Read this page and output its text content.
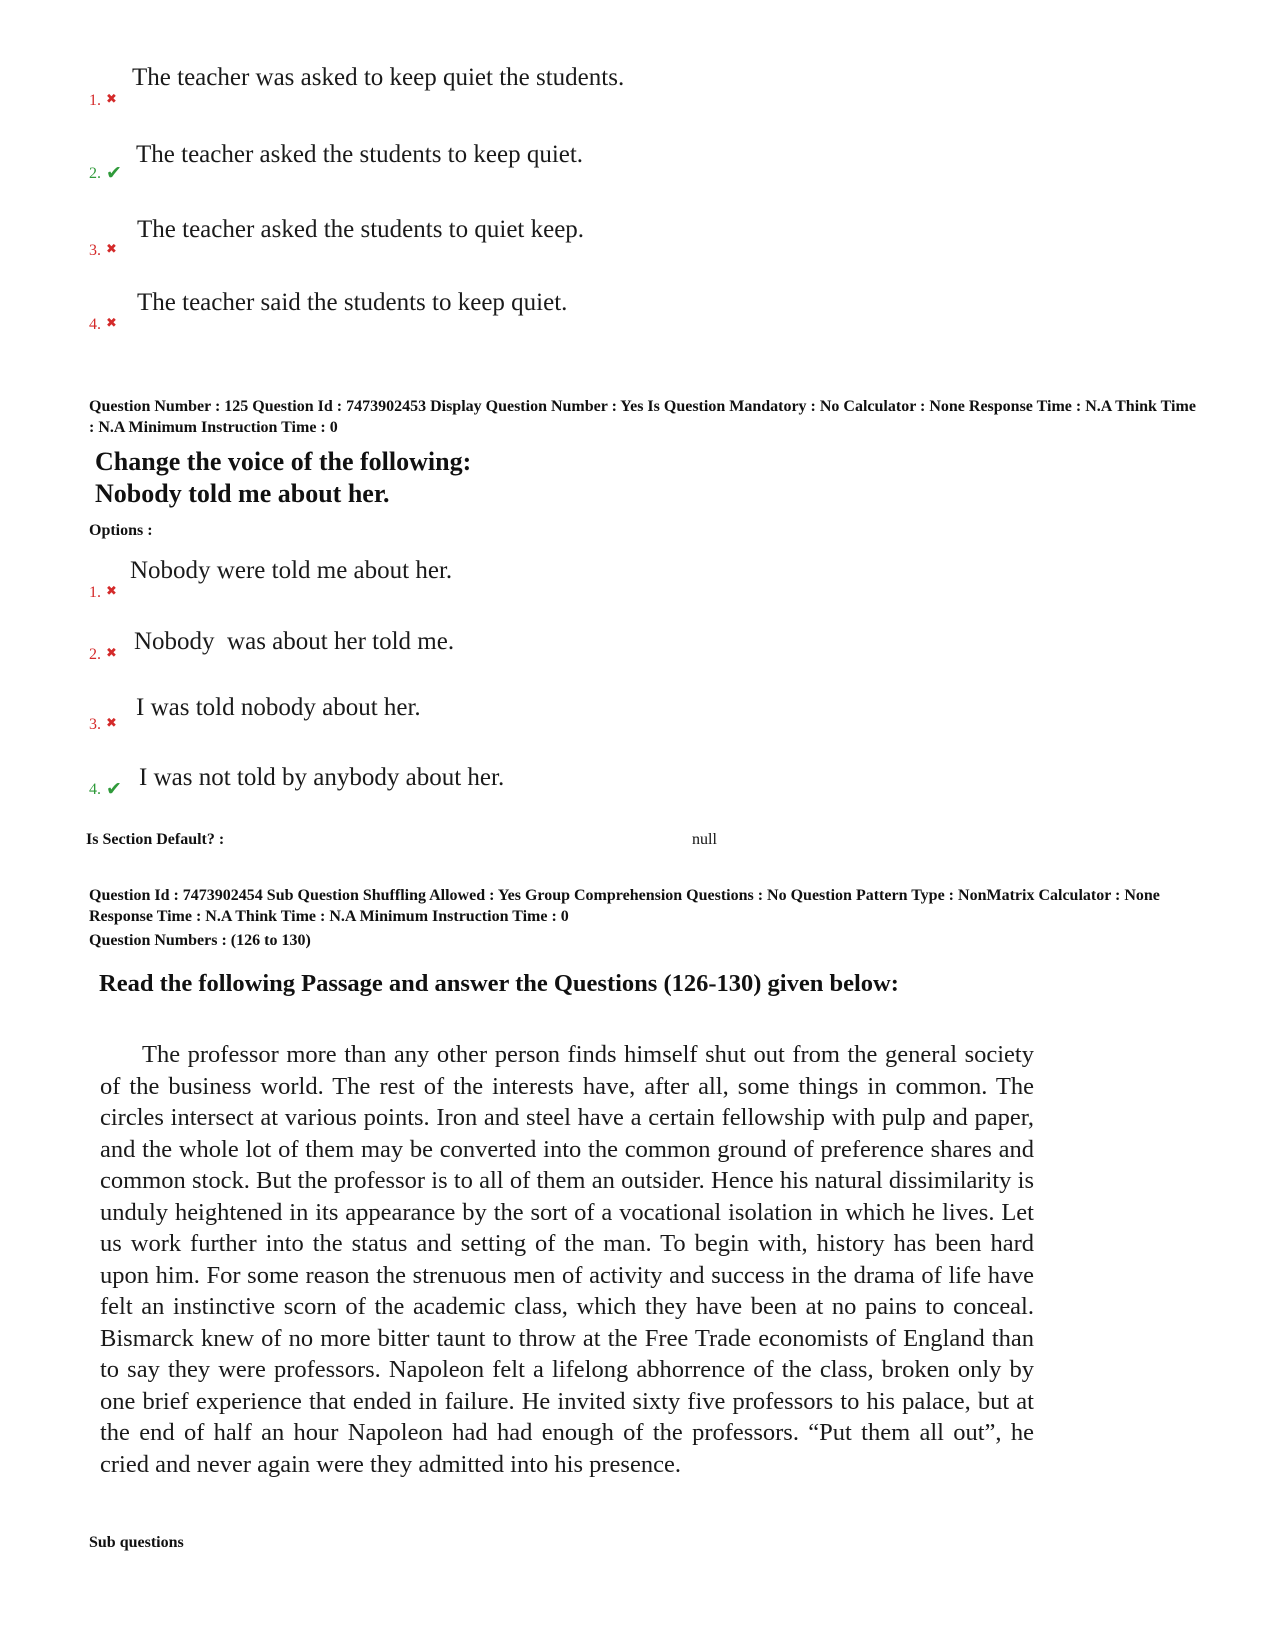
1. ✖
The teacher was asked to keep quiet the students.
2. ✔
The teacher asked the students to keep quiet.
3. ✖
The teacher asked the students to quiet keep.
4. ✖
The teacher said the students to keep quiet.
Question Number : 125 Question Id : 7473902453 Display Question Number : Yes Is Question Mandatory : No Calculator : None Response Time : N.A Think Time : N.A Minimum Instruction Time : 0
Change the voice of the following:
Nobody told me about her.
Options :
1. ✖
Nobody were told me about her.
2. ✖ Nobody  was about her told me.
3. ✖
I was told nobody about her.
4. ✔ I was not told by anybody about her.
Is Section Default? :	null
Question Id : 7473902454 Sub Question Shuffling Allowed : Yes Group Comprehension Questions : No Question Pattern Type : NonMatrix Calculator : None Response Time : N.A Think Time : N.A Minimum Instruction Time : 0
Question Numbers : (126 to 130)
Read the following Passage and answer the Questions (126-130) given below:

The professor more than any other person finds himself shut out from the general society of the business world. The rest of the interests have, after all, some things in common. The circles intersect at various points. Iron and steel have a certain fellowship with pulp and paper, and the whole lot of them may be converted into the common ground of preference shares and common stock. But the professor is to all of them an outsider. Hence his natural dissimilarity is unduly heightened in its appearance by the sort of a vocational isolation in which he lives. Let us work further into the status and setting of the man. To begin with, history has been hard upon him. For some reason the strenuous men of activity and success in the drama of life have felt an instinctive scorn of the academic class, which they have been at no pains to conceal. Bismarck knew of no more bitter taunt to throw at the Free Trade economists of England than to say they were professors. Napoleon felt a lifelong abhorrence of the class, broken only by one brief experience that ended in failure. He invited sixty five professors to his palace, but at the end of half an hour Napoleon had had enough of the professors. “Put them all out”, he cried and never again were they admitted into his presence.

Sub questions
